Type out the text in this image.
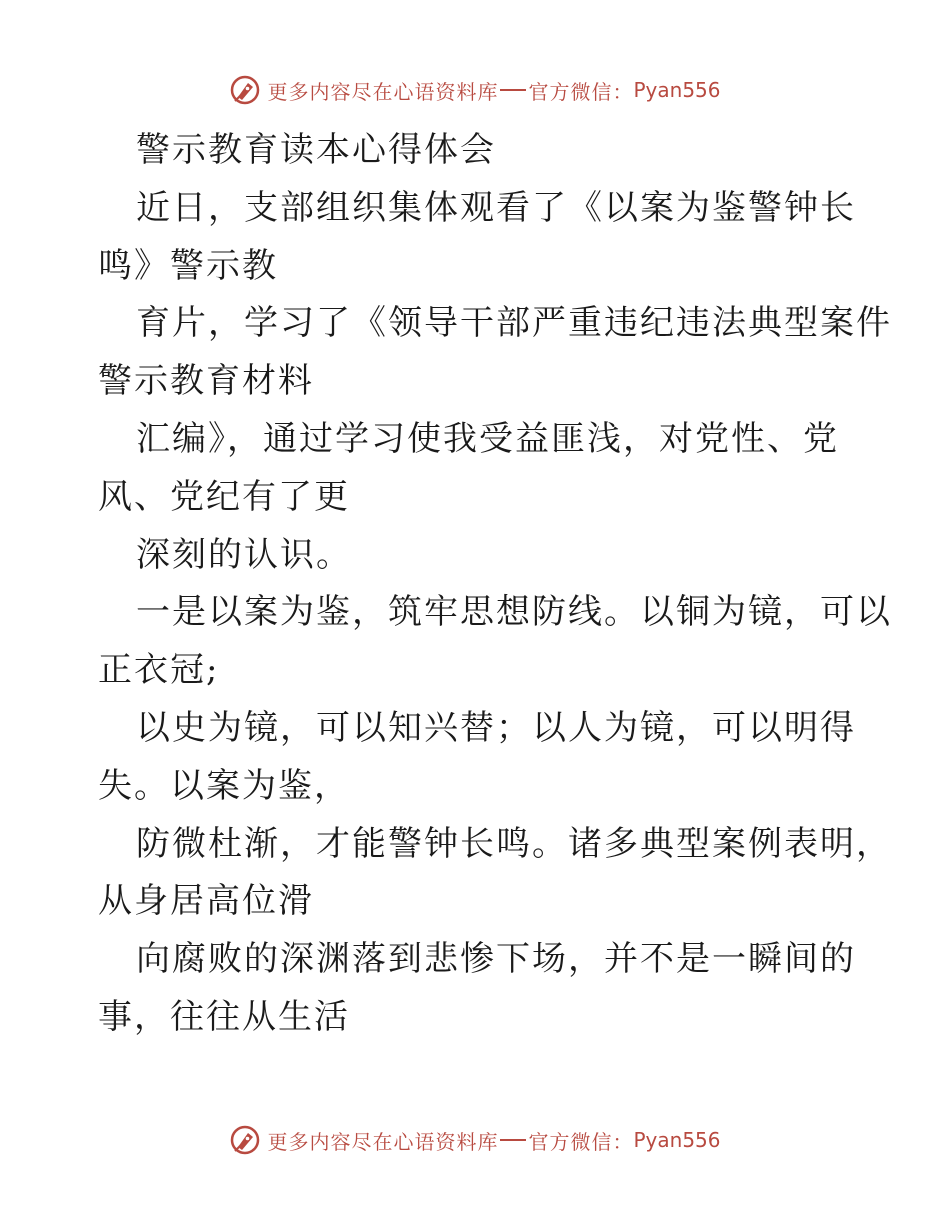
更多内容尽在心语资料库 官方微信： Pyan556
警示教育读本心得体会
近日，支部组织集体观看了《以案为鉴警钟长
鸣》警示教
育片，学习了《领导干部严重违纪违法典型案件
警示教育材料
汇编》，通过学习使我受益匪浅，对党性、党
风、党纪有了更
深刻的认识。
一是以案为鉴，筑牢思想防线。以铜为镜，可以
正衣冠;
以史为镜，可以知兴替；以人为镜，可以明得
失。以案为鉴，
防微杜渐，才能警钟长鸣。诸多典型案例表明，
从身居高位滑
向腐败的深渊落到悲惨下场，并不是一瞬间的
事，往往从生活
更多内容尽在心语资料库 官方微信： Pyan556
